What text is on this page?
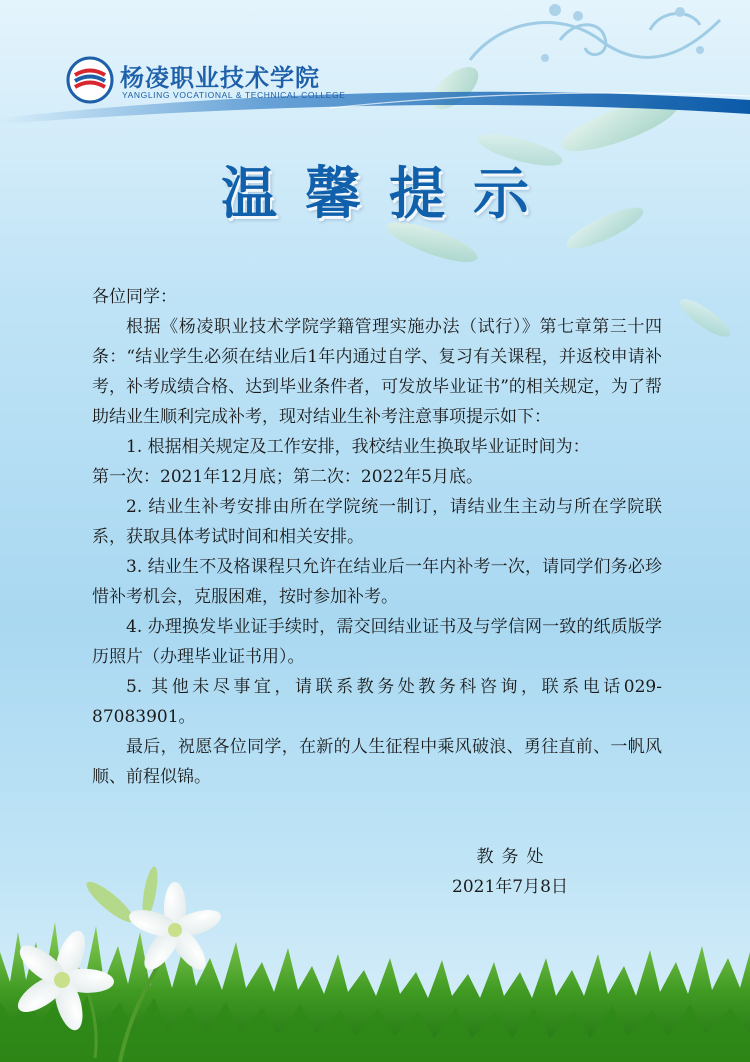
杨凌职业技术学院
YANGLING VOCATIONAL & TECHNICAL COLLEGE
温馨提示

各位同学：

根据《杨凌职业技术学院学籍管理实施办法（试行）》第七章第三十四条：“结业学生必须在结业后1年内通过自学、复习有关课程，并返校申请补考，补考成绩合格、达到毕业条件者，可发放毕业证书”的相关规定，为了帮助结业生顺利完成补考，现对结业生补考注意事项提示如下：

1. 根据相关规定及工作安排，我校结业生换取毕业证时间为：

第一次：2021年12月底；第二次：2022年5月底。

2. 结业生补考安排由所在学院统一制订，请结业生主动与所在学院联系，获取具体考试时间和相关安排。

3. 结业生不及格课程只允许在结业后一年内补考一次，请同学们务必珍惜补考机会，克服困难，按时参加补考。

4. 办理换发毕业证手续时，需交回结业证书及与学信网一致的纸质版学历照片（办理毕业证书用）。

5. 其他未尽事宜，请联系教务处教务科咨询，联系电话029-87083901。

最后，祝愿各位同学，在新的人生征程中乘风破浪、勇往直前、一帆风顺、前程似锦。

教务处
2021年7月8日
